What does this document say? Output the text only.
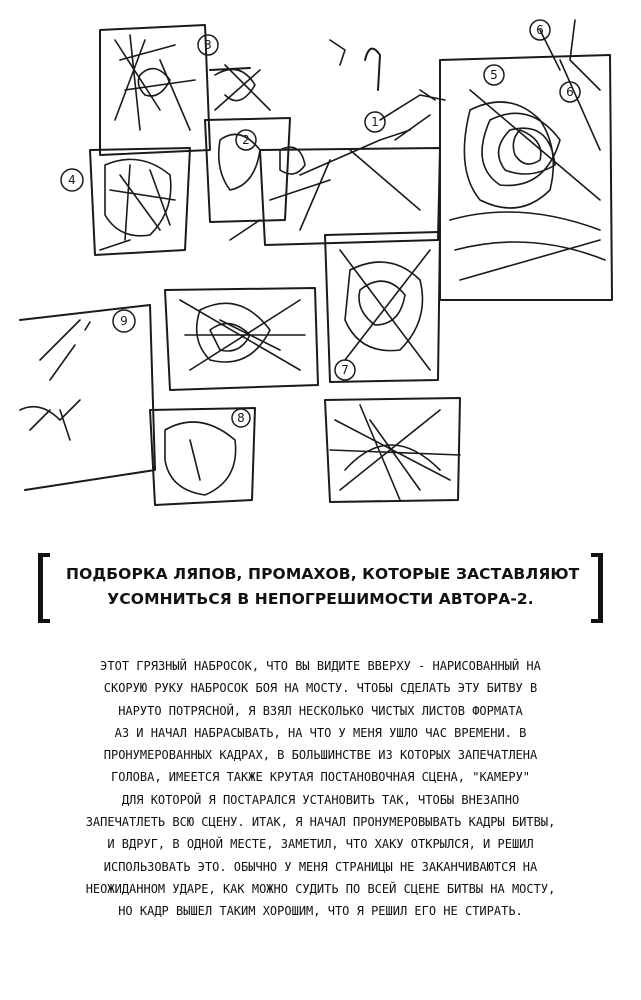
3
2
4
1
5
6
7
8
9
6
ПОДБОРКА ЛЯПОВ, ПРОМАХОВ, КОТОРЫЕ ЗАСТАВЛЯЮТ
УСОМНИТЬСЯ В НЕПОГРЕШИМОСТИ АВТОРА-2.
ЭТОТ ГРЯЗНЫЙ НАБРОСОК, ЧТО ВЫ ВИДИТЕ ВВЕРХУ - НАРИСОВАННЫЙ НА
СКОРУЮ РУКУ НАБРОСОК БОЯ НА МОСТУ. ЧТОБЫ СДЕЛАТЬ ЭТУ БИТВУ В
НАРУТО ПОТРЯСНОЙ, Я ВЗЯЛ НЕСКОЛЬКО ЧИСТЫХ ЛИСТОВ ФОРМАТА
А3 И НАЧАЛ НАБРАСЫВАТЬ, НА ЧТО У МЕНЯ УШЛО ЧАС ВРЕМЕНИ. В
ПРОНУМЕРОВАННЫХ КАДРАХ, В БОЛЬШИНСТВЕ ИЗ КОТОРЫХ ЗАПЕЧАТЛЕНА
ГОЛОВА, ИМЕЕТСЯ ТАКЖЕ КРУТАЯ ПОСТАНОВОЧНАЯ СЦЕНА, "КАМЕРУ"
ДЛЯ КОТОРОЙ Я ПОСТАРАЛСЯ УСТАНОВИТЬ ТАК, ЧТОБЫ ВНЕЗАПНО
ЗАПЕЧАТЛЕТЬ ВСЮ СЦЕНУ. ИТАК, Я НАЧАЛ ПРОНУМЕРОВЫВАТЬ КАДРЫ БИТВЫ,
И ВДРУГ, В ОДНОЙ МЕСТЕ, ЗАМЕТИЛ, ЧТО ХАКУ ОТКРЫЛСЯ, И РЕШИЛ
ИСПОЛЬЗОВАТЬ ЭТО. ОБЫЧНО У МЕНЯ СТРАНИЦЫ НЕ ЗАКАНЧИВАЮТСЯ НА
НЕОЖИДАННОМ УДАРЕ, КАК МОЖНО СУДИТЬ ПО ВСЕЙ СЦЕНЕ БИТВЫ НА МОСТУ,
НО КАДР ВЫШЕЛ ТАКИМ ХОРОШИМ, ЧТО Я РЕШИЛ ЕГО НЕ СТИРАТЬ.
